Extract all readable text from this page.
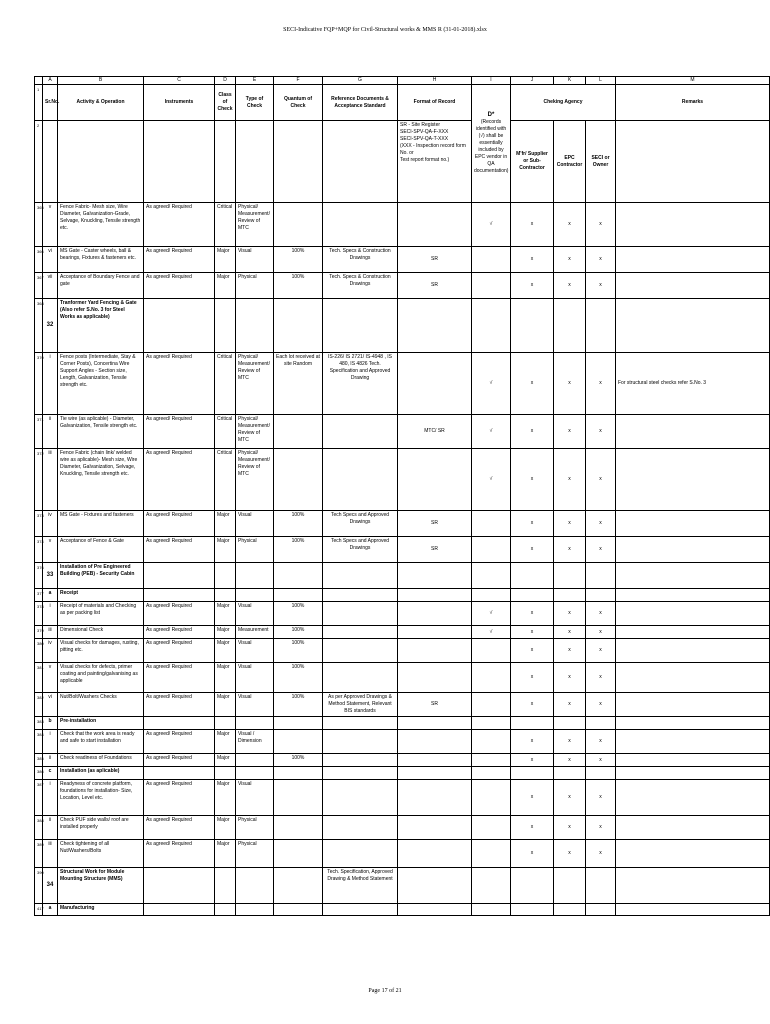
SECI-Indicative FQP+MQP for Civil-Structural works & MMS R (31-01-2018).xlsx
	A	B	C	D	E	F	G	H	I	J	K	L	M
1	Sr.No.	Activity & Operation	Instruments	Class of Check	Type of Check	Quantum of Check	Reference Documents & Acceptance Standard	Format of Record	D*
(Records identified with (√) shall be essentially included by EPC vendor in QA documentation)	Cheking Agency			Remarks
2								SR - Site Register
SECI-SPV-QA-F-XXX
SECI-SPV-QA-T-XXX
(XXX - Inspection record form No. or
Test report format no.)		M'fr/ Supplier or Sub-Contractor	EPC Contractor	SECI or Owner	
365	v	Fence Fabric- Mesh size, Wire Diameter, Galvanization-Grade, Selvage, Knuckling, Tensile strength etc.	As agreed/ Required	Critical	Physical/ Measurement/ Review of MTC				√	x	x	x	
366	vi	MS Gate - Caster wheels, ball & bearings, Fixtures & fasteners etc.	As agreed/ Required	Major	Visual	100%	Tech. Specs & Construction Drawings	SR		x	x	x	
367	vii	Acceptance of Boundary Fence and gate	As agreed/ Required	Major	Physical	100%	Tech. Specs & Construction Drawings	SR		x	x	x	
368	32	Tranformer Yard Fencing & Gate (Also refer S.No. 3 for Steel Works as applicable)											
370	i	Fence posts (Intermediate, Stay & Corner Posts), Concertina Wire Support Angles - Section size, Length, Galvanization, Tensile strength etc.	As agreed/ Required	Critical	Physical/ Measurement/ Review of MTC	Each lot received at site Random	IS-226/ IS 2721/ IS-4948 , IS 480, IS 4826 Tech. Specification and Approved Drawing		√	x	x	x	For structural steel checks refer S.No. 3
371	ii	Tie wire (as aplicable) - Diameter, Galvanization, Tensile strength etc.	As agreed/ Required	Critical	Physical/ Measurement/ Review of MTC			MTC/ SR	√	x	x	x	
372	iii	Fence Fabric (chain link/ welded wire as aplicable)- Mesh size, Wire Diameter, Galvanization, Selvage, Knuckling, Tensile strength etc.	As agreed/ Required	Critical	Physical/ Measurement/ Review of MTC				√	x	x	x	
373	iv	MS Gate - Fixtures and fasteners	As agreed/ Required	Major	Visual	100%	Tech Specs and Approved Drawings	SR		x	x	x	
374	v	Acceptance of Fence & Gate	As agreed/ Required	Major	Physical	100%	Tech Specs and Approved Drawings	SR		x	x	x	
376	33	Installation of Pre Engineered Building (PEB) - Security Cabin											
377	a	Receipt											
378	i	Receipt of materials and Checking as per packing list	As agreed/ Required	Major	Visual	100%			√	x	x	x	
379	iii	Dimensional Check	As agreed/ Required	Major	Measurement	100%			√	x	x	x	
380	iv	Visual checks for damages, rusting, pitting etc.	As agreed/ Required	Major	Visual	100%				x	x	x	
381	v	Visual checks for defects, primer coating and painting/galvanising as applicable	As agreed/ Required	Major	Visual	100%				x	x	x	
382	vi	Nut/Bolt/Washers Checks	As agreed/ Required	Major	Visual	100%	As per Approved Drawings & Method Statement, Relevant BIS standards	SR		x	x	x	
383	b	Pre-installation											
384	i	Check that the work area is ready and safe to start installation	As agreed/ Required	Major	Visual / Dimension					x	x	x	
385	ii	Check readiness of Foundations	As agreed/ Required	Major		100%				x	x	x	
386	c	Installation (as aplicable)											
387	i	Readyness of concrete platform, foundations for installation- Size, Location, Level etc.	As agreed/ Required	Major	Visual					x	x	x	
388	ii	Check PUF side walls/ roof are installed properly	As agreed/ Required	Major	Physical					x	x	x	
389	iii	Check tightening of all Nut/Washers/Bolts	As agreed/ Required	Major	Physical					x	x	x	
390	34	Structural Work for Module Mounting Structure (MMS)					Tech. Specification, Approved Drawing & Method Statement						
417	a	Manufacturing											
Page 17 of 21
